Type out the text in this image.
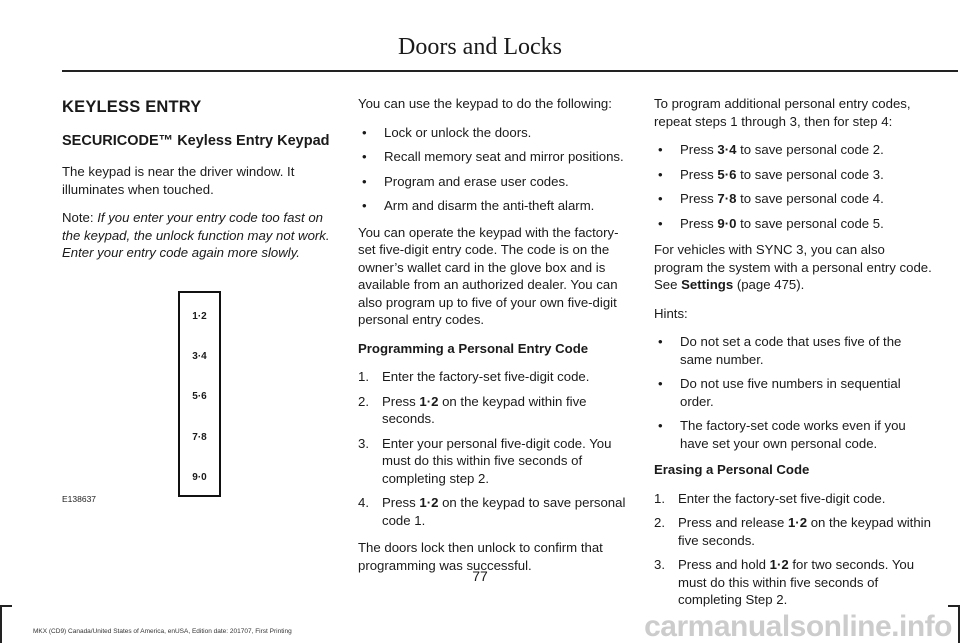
Doors and Locks
KEYLESS ENTRY
SECURICODE™ Keyless Entry Keypad

The keypad is near the driver window. It illuminates when touched.

Note: If you enter your entry code too fast on the keypad, the unlock function may not work. Enter your entry code again more slowly.

1·2
3·4
5·6
7·8
9·0
E138637

You can use the keypad to do the following:

• Lock or unlock the doors.
• Recall memory seat and mirror positions.
• Program and erase user codes.
• Arm and disarm the anti-theft alarm.

You can operate the keypad with the factory-set five-digit entry code. The code is on the owner’s wallet card in the glove box and is available from an authorized dealer. You can also program up to five of your own five-digit personal entry codes.

Programming a Personal Entry Code

1. Enter the factory-set five-digit code.
2. Press 1·2 on the keypad within five seconds.
3. Enter your personal five-digit code. You must do this within five seconds of completing step 2.
4. Press 1·2 on the keypad to save personal code 1.

The doors lock then unlock to confirm that programming was successful.

To program additional personal entry codes, repeat steps 1 through 3, then for step 4:

• Press 3·4 to save personal code 2.
• Press 5·6 to save personal code 3.
• Press 7·8 to save personal code 4.
• Press 9·0 to save personal code 5.

For vehicles with SYNC 3, you can also program the system with a personal entry code. See Settings (page 475).

Hints:

• Do not set a code that uses five of the same number.
• Do not use five numbers in sequential order.
• The factory-set code works even if you have set your own personal code.

Erasing a Personal Code

1. Enter the factory-set five-digit code.
2. Press and release 1·2 on the keypad within five seconds.
3. Press and hold 1·2 for two seconds. You must do this within five seconds of completing Step 2.
77
MKX (CD9) Canada/United States of America, enUSA, Edition date: 201707, First Printing	carmanualsonline.info
